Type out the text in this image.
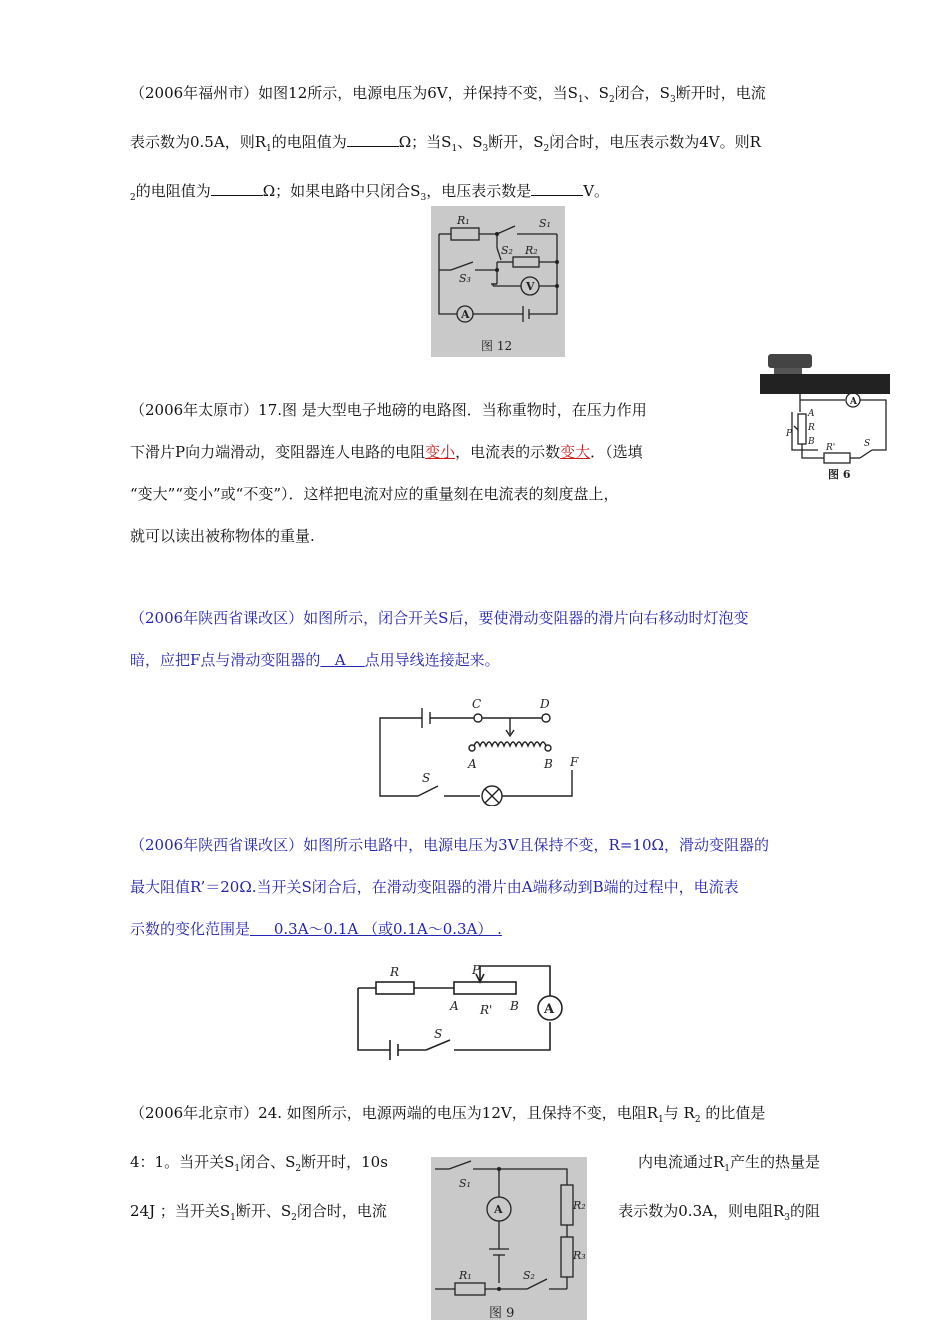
（2006年福州市）如图12所示，电源电压为6V，并保持不变，当$S_1$、$S_2$闭合，$S_3$断开时，电流

表示数为0.5A，则$R_1$的电阻值为	Ω；当$S_1$、$S_3$断开，$S_2$闭合时，电压表示数为4V。则R

$_2$的电阻值为	Ω；如果电路中只闭合$S_3$，电压表示数是	V。

R₁	S₁
S₂ R₂
S₃
V
A
图 12

（2006年太原市）17.图 是大型电子地磅的电路图．当称重物时，在压力作用

下滑片P向力端滑动，变阻器连人电路的电阻变小，电流表的示数变大．（选填

“变大”“变小”或“不变”）．这样把电流对应的重量刻在电流表的刻度盘上，

就可以读出被称物体的重量.

A
A
R
P
B
R'	S
图 6

（2006年陕西省课改区）如图所示，闭合开关S后，要使滑动变阻器的滑片向右移动时灯泡变

暗，应把F点与滑动变阻器的 A 点用导线连接起来。

C	D
A	B F
S

（2006年陕西省课改区）如图所示电路中，电源电压为3V且保持不变，R=10Ω，滑动变阻器的

最大阻值R’＝20Ω.当开关S闭合后，在滑动变阻器的滑片由A端移动到B端的过程中，电流表

示数的变化范围是 0.3A～0.1A （或0.1A～0.3A） .

R	P
A R' B
S
A

（2006年北京市）24. 如图所示，电源两端的电压为12V，且保持不变，电阻$R_1$与 $R_2$ 的比值是

4：1。当开关$S_1$闭合、$S_2$断开时，10s	内电流通过$R_1$产生的热量是

24J ；当开关$S_1$断开、$S_2$闭合时，电流	表示数为0.3A，则电阻$R_3$的阻

S₁
R₂
R₃
R₁	S₂
A
图 9
